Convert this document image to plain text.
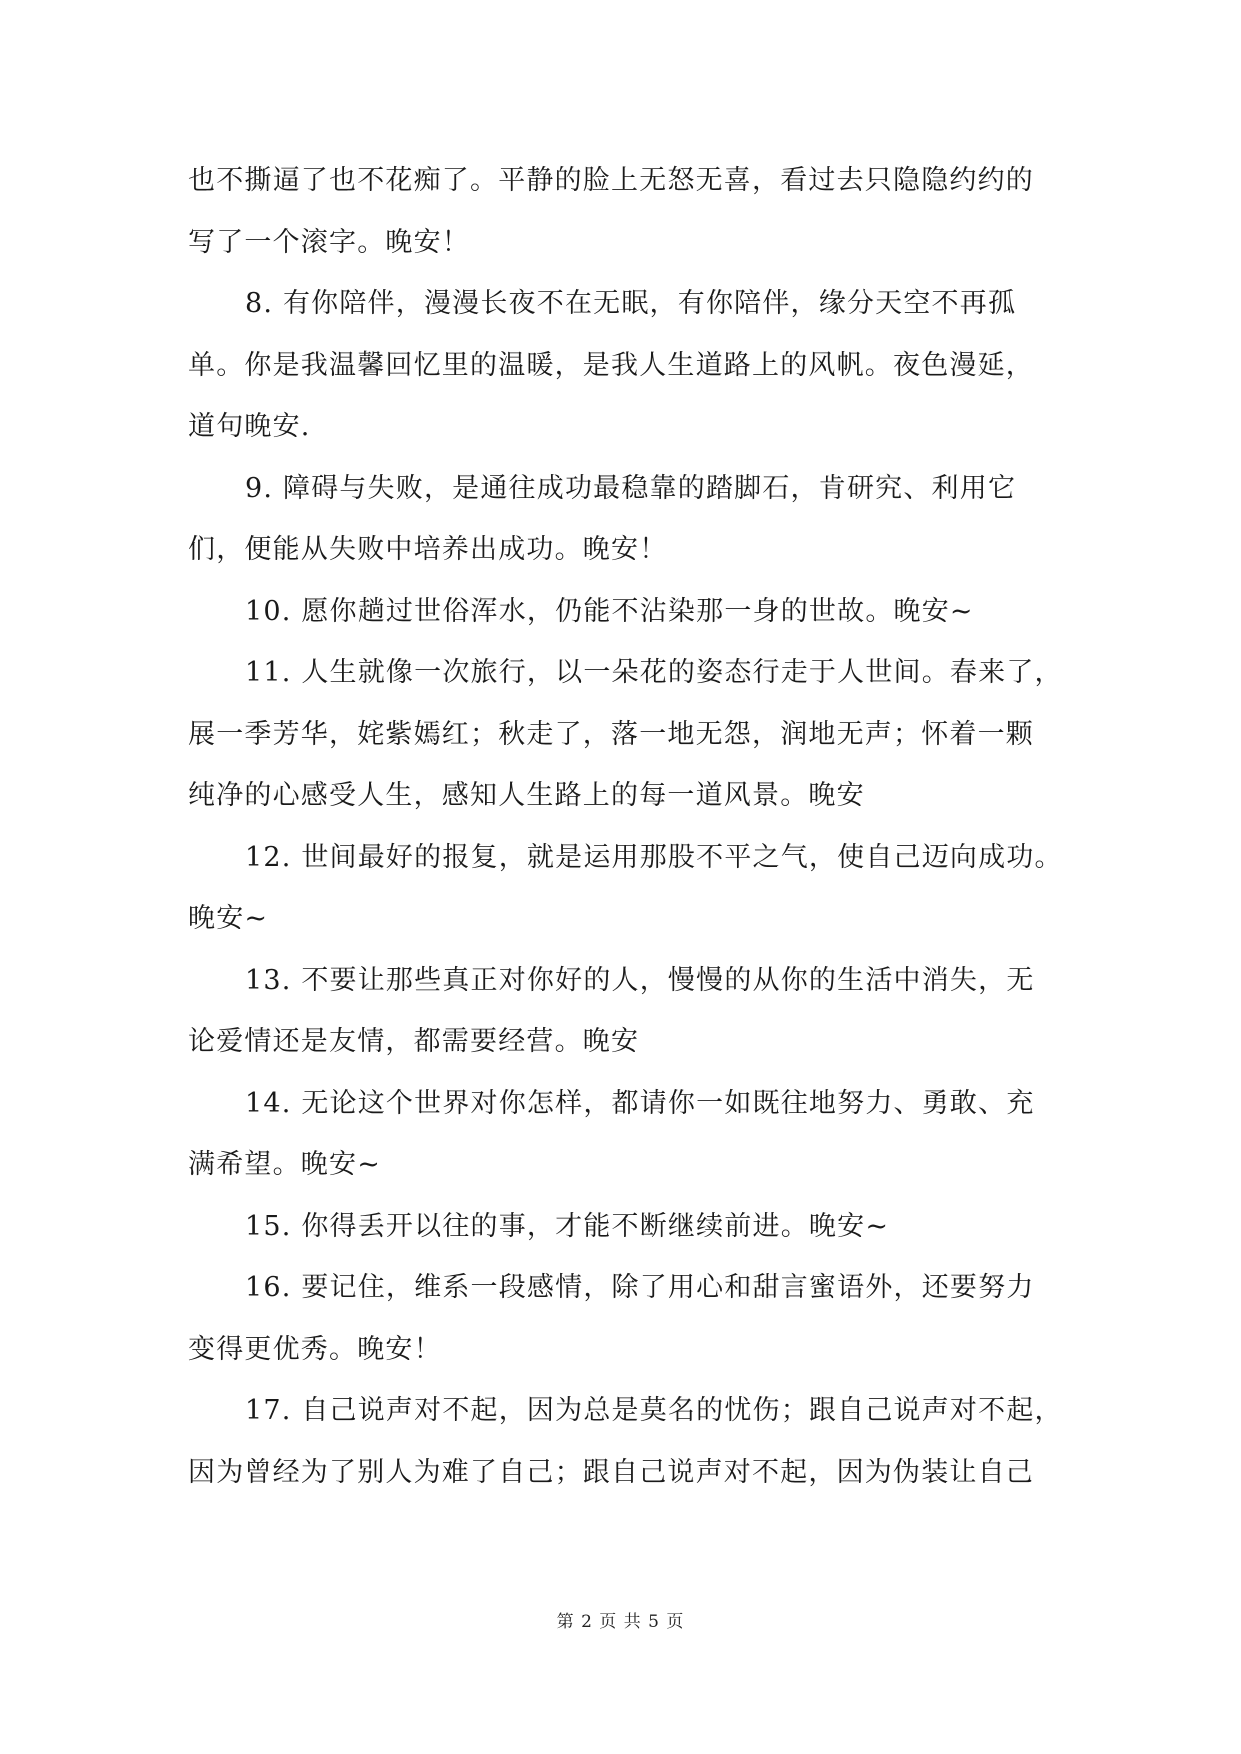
也不撕逼了也不花痴了。平静的脸上无怒无喜，看过去只隐隐约约的
写了一个滚字。晚安！
8. 有你陪伴，漫漫长夜不在无眠，有你陪伴，缘分天空不再孤
单。你是我温馨回忆里的温暖，是我人生道路上的风帆。夜色漫延，
道句晚安.
9. 障碍与失败，是通往成功最稳靠的踏脚石，肯研究、利用它
们，便能从失败中培养出成功。晚安！
10. 愿你趟过世俗浑水，仍能不沾染那一身的世故。晚安~
11. 人生就像一次旅行，以一朵花的姿态行走于人世间。春来了，
展一季芳华，姹紫嫣红；秋走了，落一地无怨，润地无声；怀着一颗
纯净的心感受人生，感知人生路上的每一道风景。晚安
12. 世间最好的报复，就是运用那股不平之气，使自己迈向成功。
晚安~
13. 不要让那些真正对你好的人，慢慢的从你的生活中消失，无
论爱情还是友情，都需要经营。晚安
14. 无论这个世界对你怎样，都请你一如既往地努力、勇敢、充
满希望。晚安~
15. 你得丢开以往的事，才能不断继续前进。晚安~
16. 要记住，维系一段感情，除了用心和甜言蜜语外，还要努力
变得更优秀。晚安！
17. 自己说声对不起，因为总是莫名的忧伤；跟自己说声对不起，
因为曾经为了别人为难了自己；跟自己说声对不起，因为伪装让自己
第 2 页 共 5 页
